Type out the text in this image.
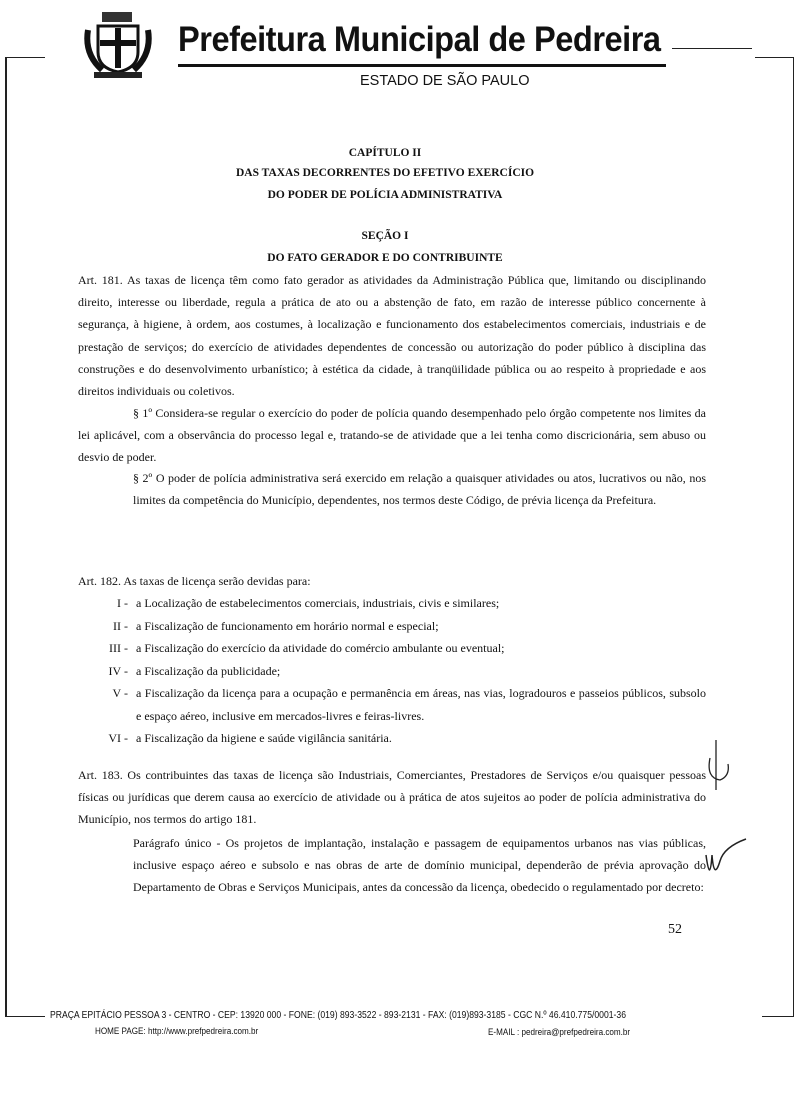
Prefeitura Municipal de Pedreira
ESTADO DE SÃO PAULO
CAPÍTULO II
DAS TAXAS DECORRENTES DO EFETIVO EXERCÍCIO
DO PODER DE POLÍCIA ADMINISTRATIVA
SEÇÃO I
DO FATO GERADOR E DO CONTRIBUINTE
Art. 181. As taxas de licença têm como fato gerador as atividades da Administração Pública que, limitando ou disciplinando direito, interesse ou liberdade, regula a prática de ato ou a abstenção de fato, em razão de interesse público concernente à segurança, à higiene, à ordem, aos costumes, à localização e funcionamento dos estabelecimentos comerciais, industriais e de prestação de serviços; do exercício de atividades dependentes de concessão ou autorização do poder público à disciplina das construções e do desenvolvimento urbanístico; à estética da cidade, à tranqüilidade pública ou ao respeito à propriedade e aos direitos individuais ou coletivos.
§ 1º Considera-se regular o exercício do poder de polícia quando desempenhado pelo órgão competente nos limites da lei aplicável, com a observância do processo legal e, tratando-se de atividade que a lei tenha como discricionária, sem abuso ou desvio de poder.
§ 2º O poder de polícia administrativa será exercido em relação a quaisquer atividades ou atos, lucrativos ou não, nos limites da competência do Município, dependentes, nos termos deste Código, de prévia licença da Prefeitura.
Art. 182. As taxas de licença serão devidas para:
I - a Localização de estabelecimentos comerciais, industriais, civis e similares;
II - a Fiscalização de funcionamento em horário normal e especial;
III - a Fiscalização do exercício da atividade do comércio ambulante ou eventual;
IV - a Fiscalização da publicidade;
V - a Fiscalização da licença para a ocupação e permanência em áreas, nas vias, logradouros e passeios públicos, subsolo e espaço aéreo, inclusive em mercados-livres e feiras-livres.
VI - a Fiscalização da higiene e saúde vigilância sanitária.
Art. 183. Os contribuintes das taxas de licença são Industriais, Comerciantes, Prestadores de Serviços e/ou quaisquer pessoas físicas ou jurídicas que derem causa ao exercício de atividade ou à prática de atos sujeitos ao poder de polícia administrativa do Município, nos termos do artigo 181.
Parágrafo único - Os projetos de implantação, instalação e passagem de equipamentos urbanos nas vias públicas, inclusive espaço aéreo e subsolo e nas obras de arte de domínio municipal, dependerão de prévia aprovação do Departamento de Obras e Serviços Municipais, antes da concessão da licença, obedecido o regulamentado por decreto:
52
PRAÇA EPITÁCIO PESSOA 3 - CENTRO - CEP: 13920 000 - FONE: (019) 893-3522 - 893-2131 - FAX: (019)893-3185 - CGC N.º 46.410.775/0001-36
HOME PAGE: http://www.prefpedreira.com.br	E-MAIL : pedreira@prefpedreira.com.br
